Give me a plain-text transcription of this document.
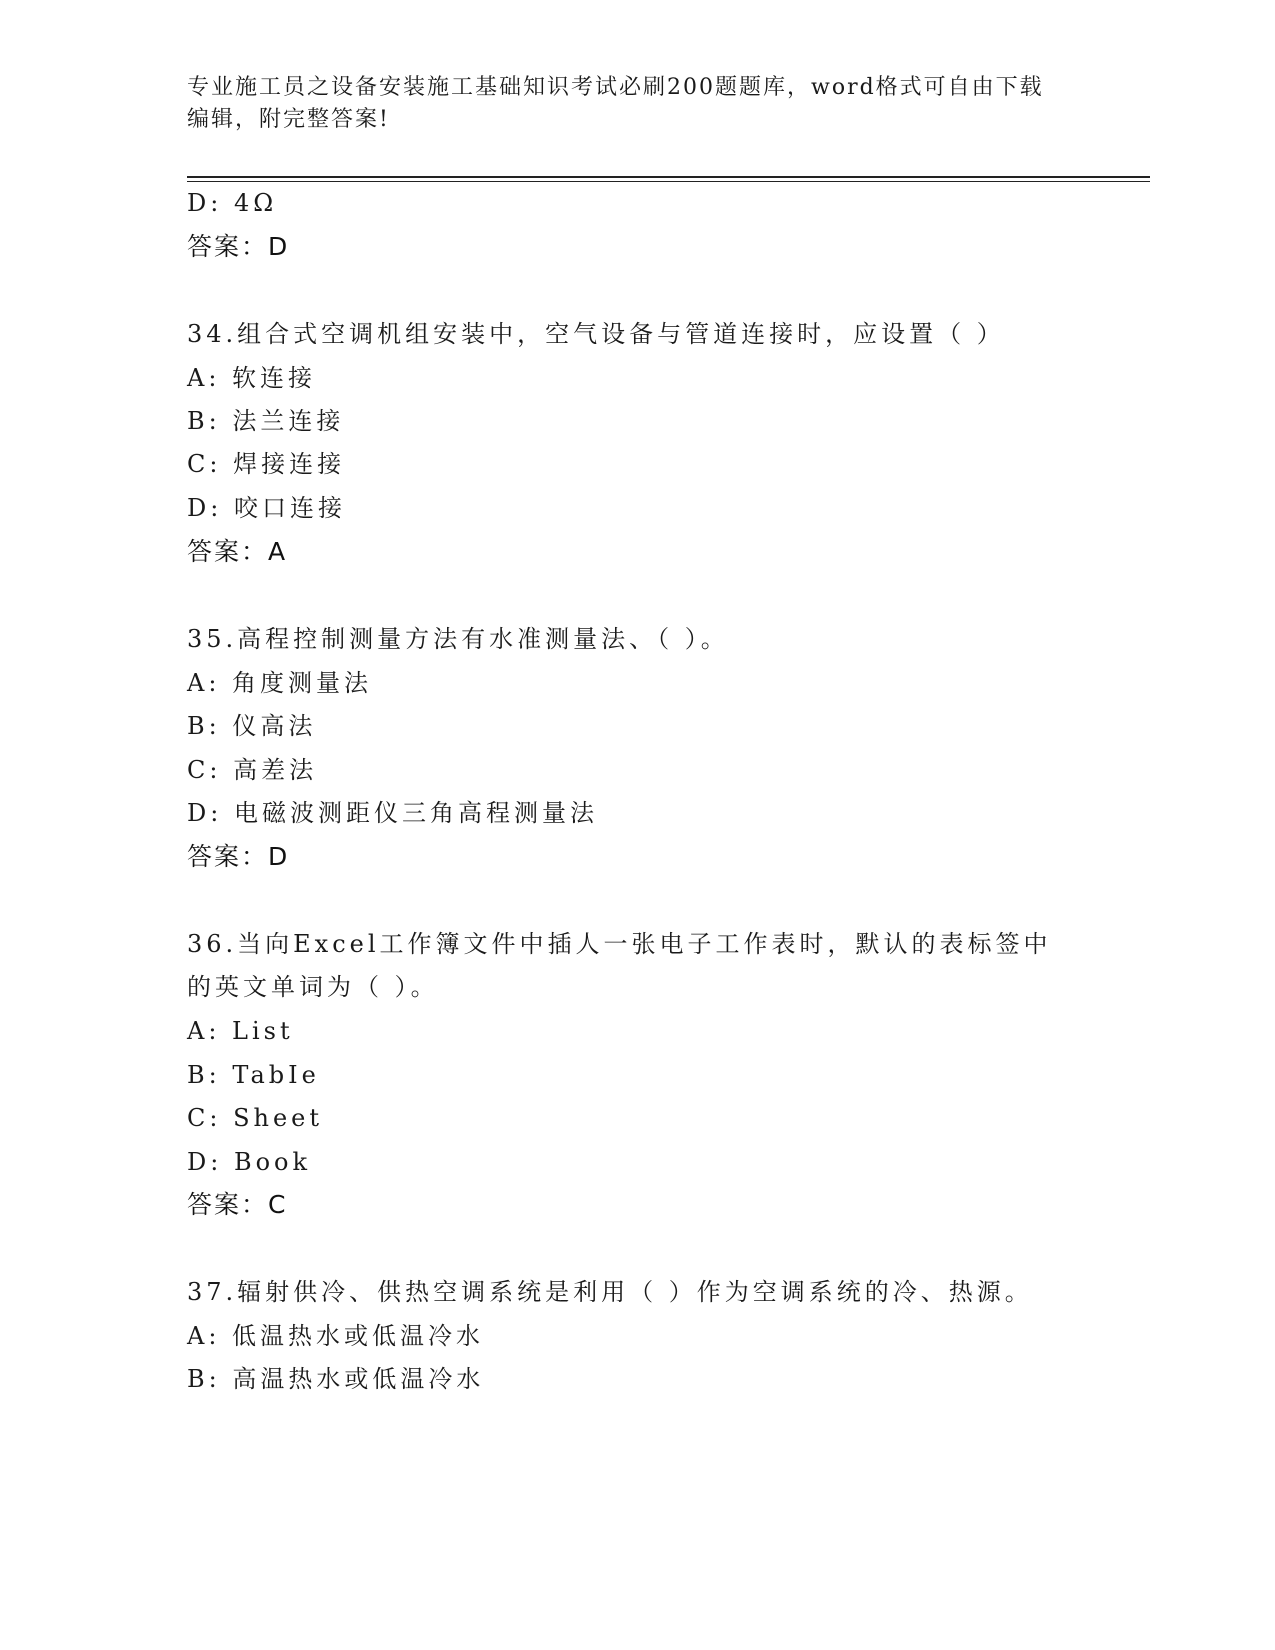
专业施工员之设备安装施工基础知识考试必刷200题题库，word格式可自由下载
编辑，附完整答案!
D: 4Ω
答案：D
34.组合式空调机组安装中，空气设备与管道连接时，应设置（ ）
A: 软连接
B: 法兰连接
C: 焊接连接
D: 咬口连接
答案：A
35.高程控制测量方法有水准测量法、（ ）。
A: 角度测量法
B: 仪高法
C: 高差法
D: 电磁波测距仪三角高程测量法
答案：D
36.当向Excel工作簿文件中插人一张电子工作表时，默认的表标签中
的英文单词为（ ）。
A: List
B: TabIe
C: Sheet
D: Book
答案：C
37.辐射供冷、供热空调系统是利用（ ）作为空调系统的冷、热源。
A: 低温热水或低温冷水
B: 高温热水或低温冷水
